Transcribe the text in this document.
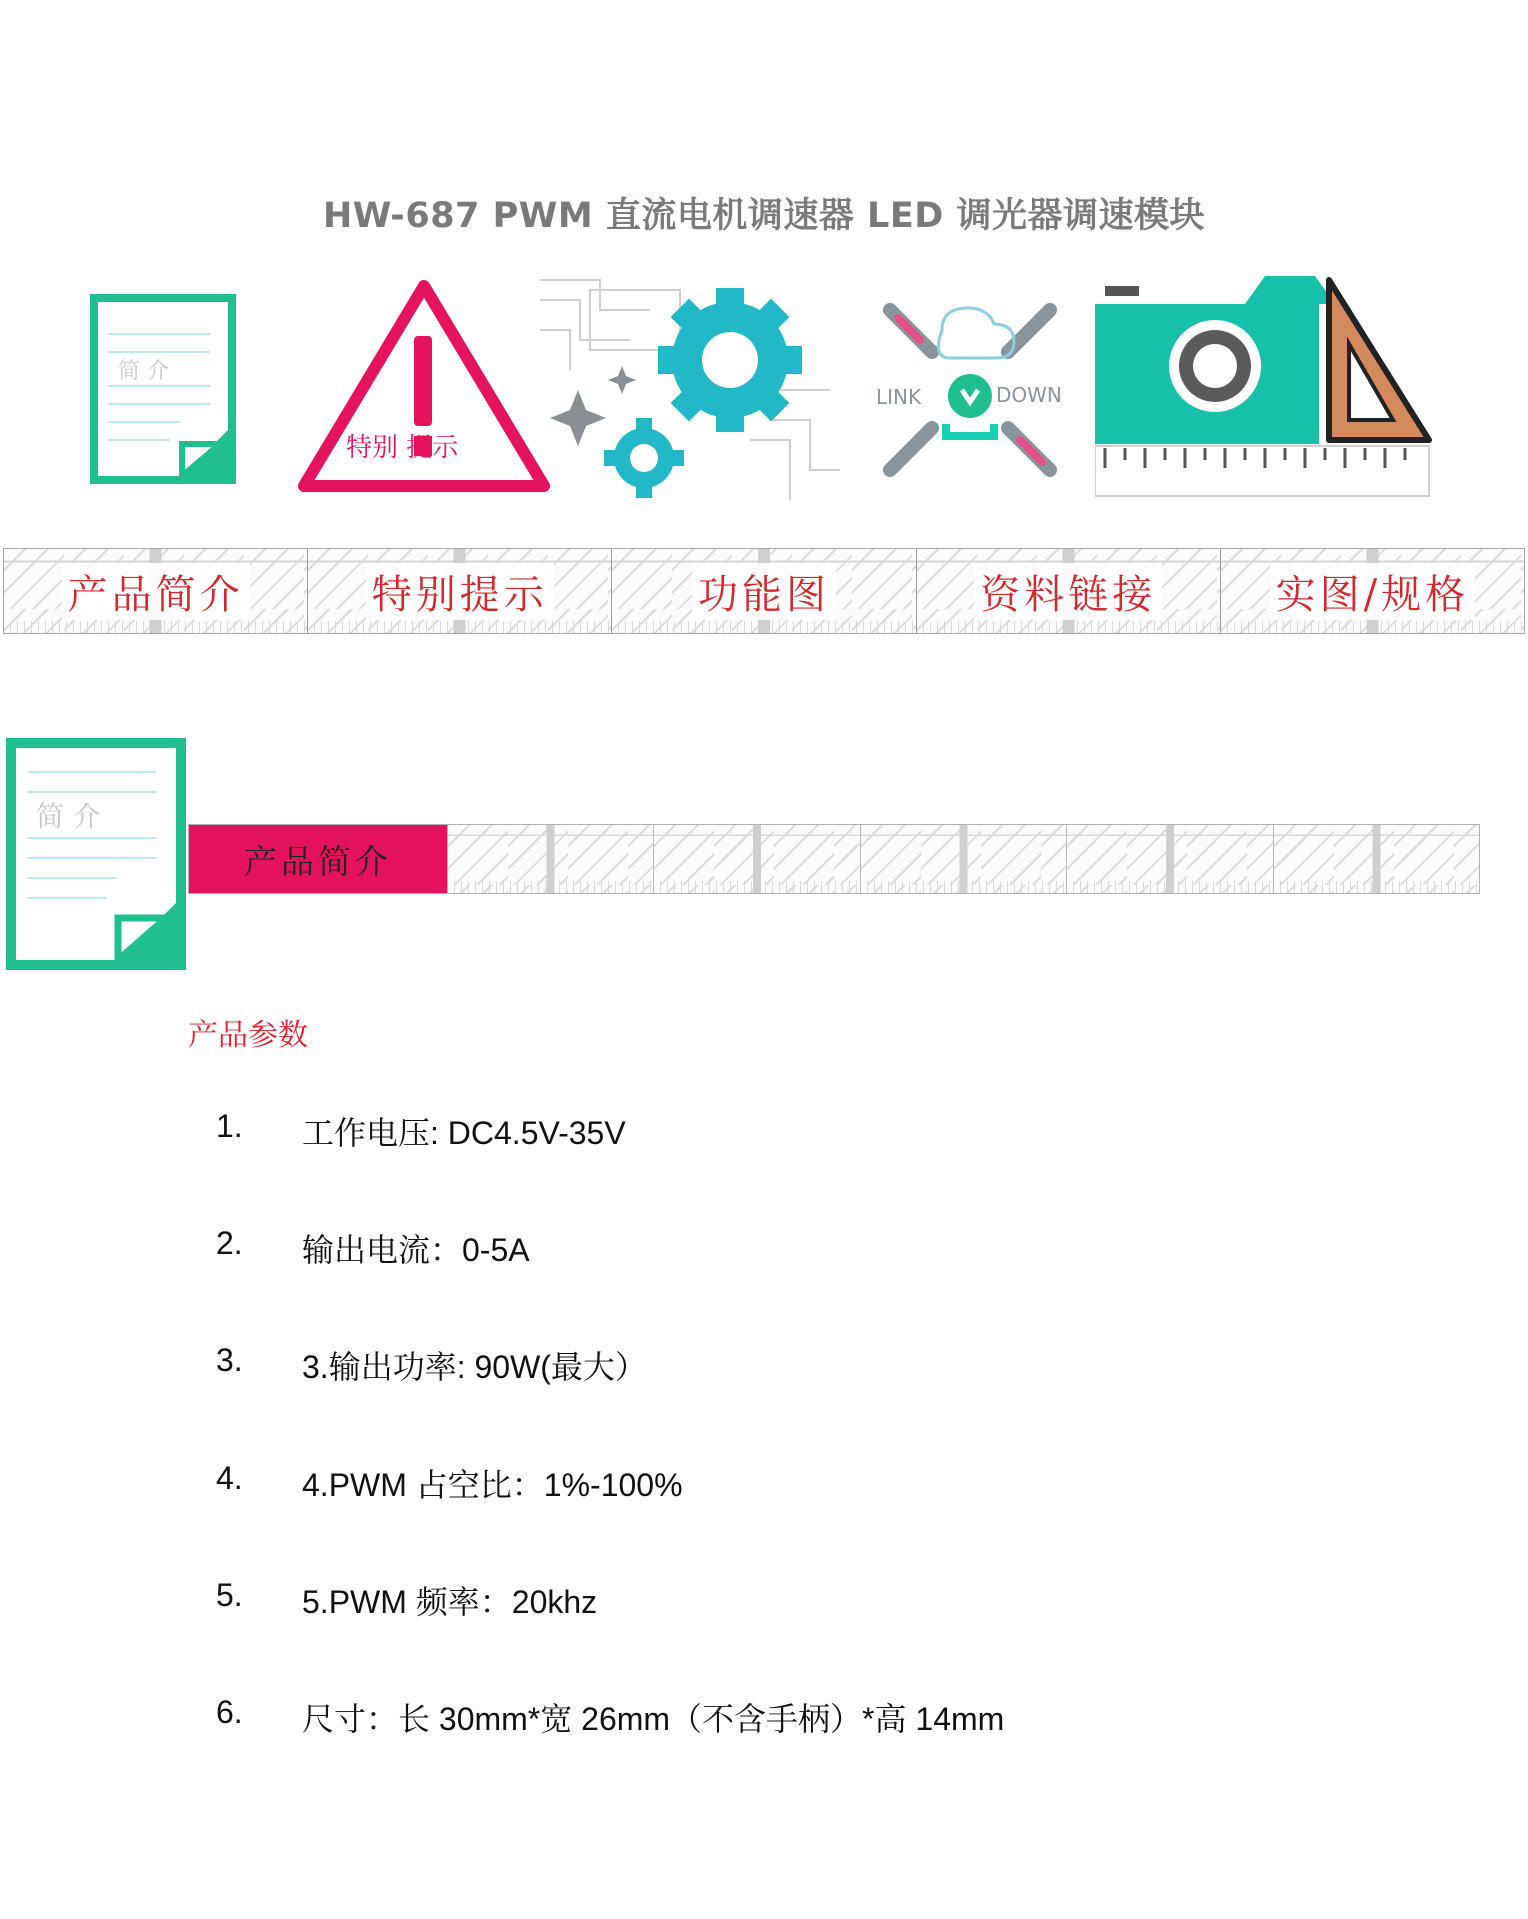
HW-687 PWM 直流电机调速器 LED 调光器调速模块
简 介
特别 提示
LINK	DOWN
产品简介	特别提示	功能图	资料链接	实图/规格
简 介
产品简介
产品参数
1. 工作电压: DC4.5V-35V
2. 输出电流：0-5A
3. 3.输出功率: 90W(最大）
4. 4.PWM 占空比：1%-100%
5. 5.PWM 频率：20khz
6. 尺寸：长 30mm*宽 26mm（不含手柄）*高 14mm
